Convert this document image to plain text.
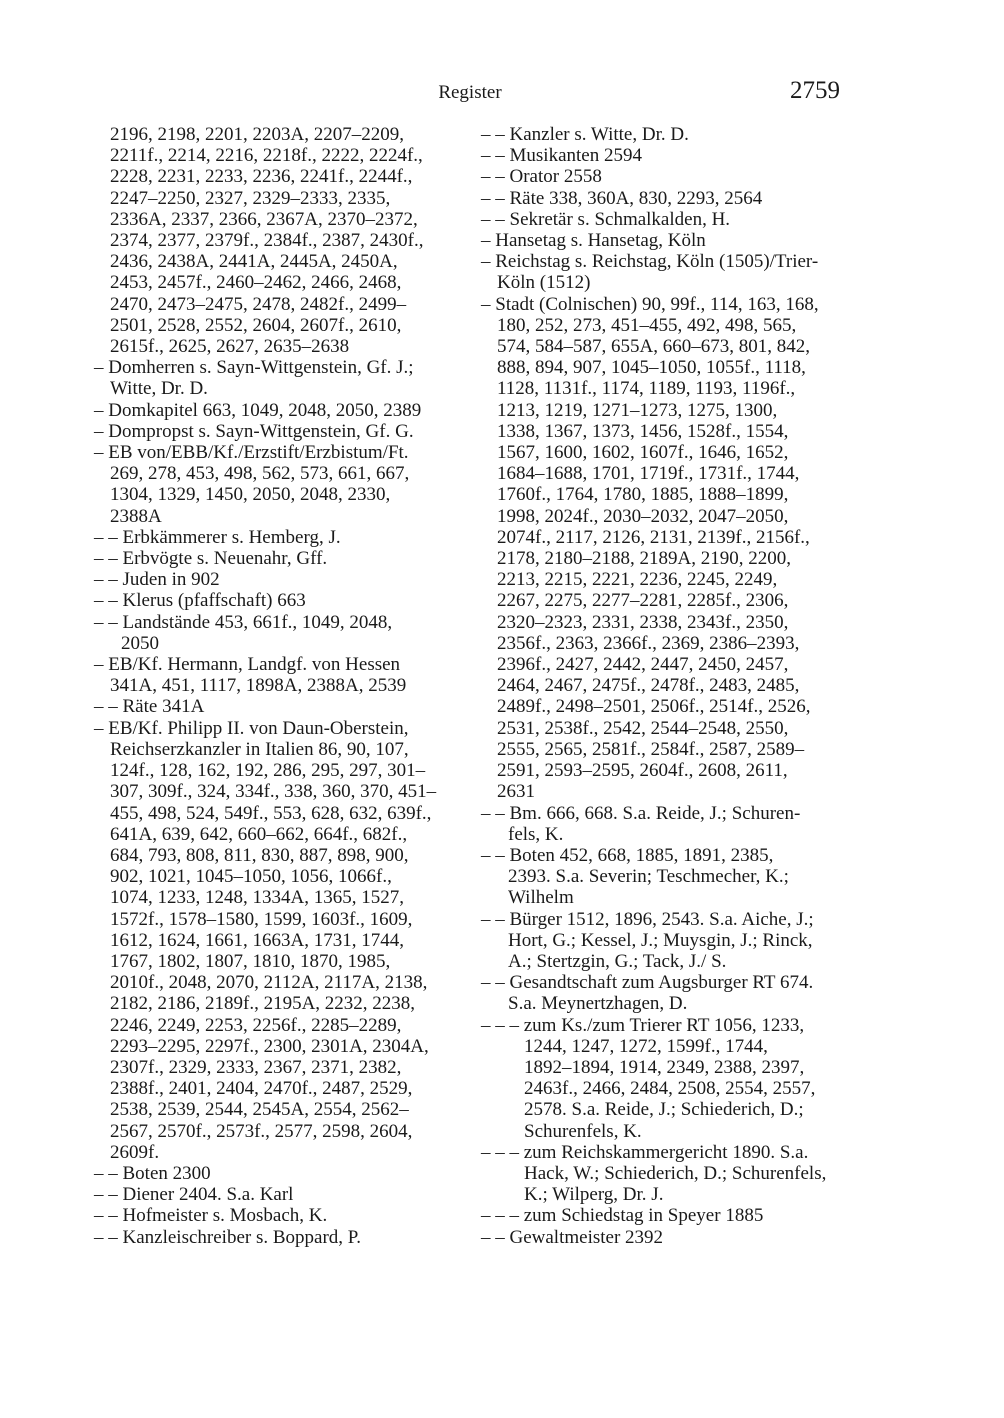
Register	2759
2196, 2198, 2201, 2203A, 2207–2209,
2211f., 2214, 2216, 2218f., 2222, 2224f.,
2228, 2231, 2233, 2236, 2241f., 2244f.,
2247–2250, 2327, 2329–2333, 2335,
2336A, 2337, 2366, 2367A, 2370–2372,
2374, 2377, 2379f., 2384f., 2387, 2430f.,
2436, 2438A, 2441A, 2445A, 2450A,
2453, 2457f., 2460–2462, 2466, 2468,
2470, 2473–2475, 2478, 2482f., 2499–
2501, 2528, 2552, 2604, 2607f., 2610,
2615f., 2625, 2627, 2635–2638
– Domherren s. Sayn-Wittgenstein, Gf. J.;
Witte, Dr. D.
– Domkapitel 663, 1049, 2048, 2050, 2389
– Dompropst s. Sayn-Wittgenstein, Gf. G.
– EB von/EBB/Kf./Erzstift/Erzbistum/Ft.
269, 278, 453, 498, 562, 573, 661, 667,
1304, 1329, 1450, 2050, 2048, 2330,
2388A
– – Erbkämmerer s. Hemberg, J.
– – Erbvögte s. Neuenahr, Gff.
– – Juden in 902
– – Klerus (pfaffschaft) 663
– – Landstände 453, 661f., 1049, 2048,
2050
– EB/Kf. Hermann, Landgf. von Hessen
341A, 451, 1117, 1898A, 2388A, 2539
– – Räte 341A
– EB/Kf. Philipp II. von Daun-Oberstein,
Reichserzkanzler in Italien 86, 90, 107,
124f., 128, 162, 192, 286, 295, 297, 301–
307, 309f., 324, 334f., 338, 360, 370, 451–
455, 498, 524, 549f., 553, 628, 632, 639f.,
641A, 639, 642, 660–662, 664f., 682f.,
684, 793, 808, 811, 830, 887, 898, 900,
902, 1021, 1045–1050, 1056, 1066f.,
1074, 1233, 1248, 1334A, 1365, 1527,
1572f., 1578–1580, 1599, 1603f., 1609,
1612, 1624, 1661, 1663A, 1731, 1744,
1767, 1802, 1807, 1810, 1870, 1985,
2010f., 2048, 2070, 2112A, 2117A, 2138,
2182, 2186, 2189f., 2195A, 2232, 2238,
2246, 2249, 2253, 2256f., 2285–2289,
2293–2295, 2297f., 2300, 2301A, 2304A,
2307f., 2329, 2333, 2367, 2371, 2382,
2388f., 2401, 2404, 2470f., 2487, 2529,
2538, 2539, 2544, 2545A, 2554, 2562–
2567, 2570f., 2573f., 2577, 2598, 2604,
2609f.
– – Boten 2300
– – Diener 2404. S.a. Karl
– – Hofmeister s. Mosbach, K.
– – Kanzleischreiber s. Boppard, P.
– – Kanzler s. Witte, Dr. D.
– – Musikanten 2594
– – Orator 2558
– – Räte 338, 360A, 830, 2293, 2564
– – Sekretär s. Schmalkalden, H.
– Hansetag s. Hansetag, Köln
– Reichstag s. Reichstag, Köln (1505)/Trier-
Köln (1512)
– Stadt (Colnischen) 90, 99f., 114, 163, 168,
180, 252, 273, 451–455, 492, 498, 565,
574, 584–587, 655A, 660–673, 801, 842,
888, 894, 907, 1045–1050, 1055f., 1118,
1128, 1131f., 1174, 1189, 1193, 1196f.,
1213, 1219, 1271–1273, 1275, 1300,
1338, 1367, 1373, 1456, 1528f., 1554,
1567, 1600, 1602, 1607f., 1646, 1652,
1684–1688, 1701, 1719f., 1731f., 1744,
1760f., 1764, 1780, 1885, 1888–1899,
1998, 2024f., 2030–2032, 2047–2050,
2074f., 2117, 2126, 2131, 2139f., 2156f.,
2178, 2180–2188, 2189A, 2190, 2200,
2213, 2215, 2221, 2236, 2245, 2249,
2267, 2275, 2277–2281, 2285f., 2306,
2320–2323, 2331, 2338, 2343f., 2350,
2356f., 2363, 2366f., 2369, 2386–2393,
2396f., 2427, 2442, 2447, 2450, 2457,
2464, 2467, 2475f., 2478f., 2483, 2485,
2489f., 2498–2501, 2506f., 2514f., 2526,
2531, 2538f., 2542, 2544–2548, 2550,
2555, 2565, 2581f., 2584f., 2587, 2589–
2591, 2593–2595, 2604f., 2608, 2611,
2631
– – Bm. 666, 668. S.a. Reide, J.; Schuren-
fels, K.
– – Boten 452, 668, 1885, 1891, 2385,
2393. S.a. Severin; Teschmecher, K.;
Wilhelm
– – Bürger 1512, 1896, 2543. S.a. Aiche, J.;
Hort, G.; Kessel, J.; Muysgin, J.; Rinck,
A.; Stertzgin, G.; Tack, J./ S.
– – Gesandtschaft zum Augsburger RT 674.
S.a. Meynertzhagen, D.
– – – zum Ks./zum Trierer RT 1056, 1233,
1244, 1247, 1272, 1599f., 1744,
1892–1894, 1914, 2349, 2388, 2397,
2463f., 2466, 2484, 2508, 2554, 2557,
2578. S.a. Reide, J.; Schiederich, D.;
Schurenfels, K.
– – – zum Reichskammergericht 1890. S.a.
Hack, W.; Schiederich, D.; Schurenfels,
K.; Wilperg, Dr. J.
– – – zum Schiedstag in Speyer 1885
– – Gewaltmeister 2392
